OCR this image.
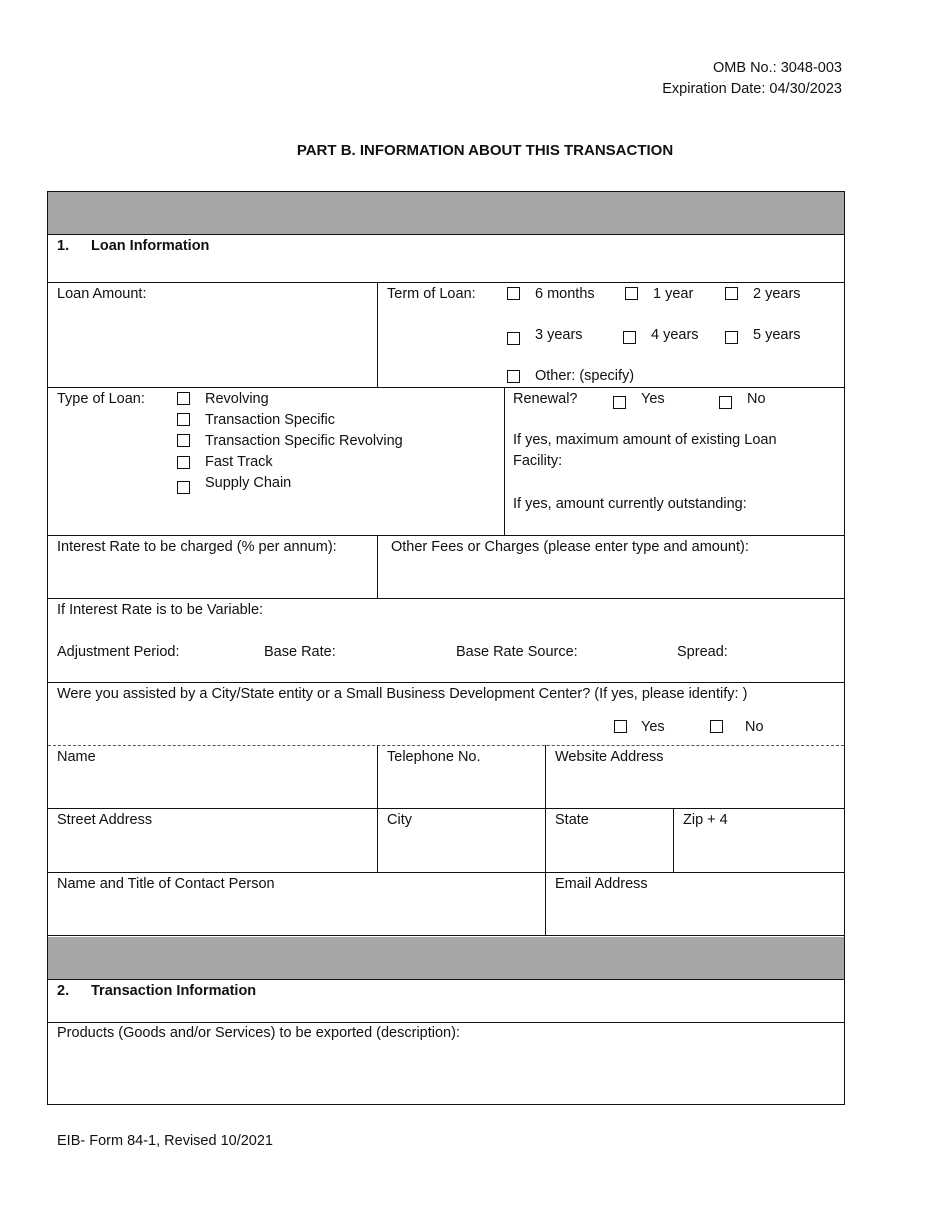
OMB No.: 3048-003
Expiration Date: 04/30/2023
PART B. INFORMATION ABOUT THIS TRANSACTION
1. Loan Information
Loan Amount:	Term of Loan:	6 months	1 year	2 years
3 years	4 years	5 years
Other: (specify)
Type of Loan:	Revolving
Transaction Specific
Transaction Specific Revolving
Fast Track
Supply Chain
Renewal?	Yes	No
If yes, maximum amount of existing Loan
Facility:
If yes, amount currently outstanding:
Interest Rate to be charged (% per annum):	Other Fees or Charges (please enter type and amount):
If Interest Rate is to be Variable:
Adjustment Period:	Base Rate:	Base Rate Source:	Spread:
Were you assisted by a City/State entity or a Small Business Development Center? (If yes, please identify: )
Yes	No
Name	Telephone No.	Website Address
Street Address	City	State	Zip + 4
Name and Title of Contact Person	Email Address
2. Transaction Information
Products (Goods and/or Services) to be exported (description):
EIB- Form 84-1, Revised 10/2021
